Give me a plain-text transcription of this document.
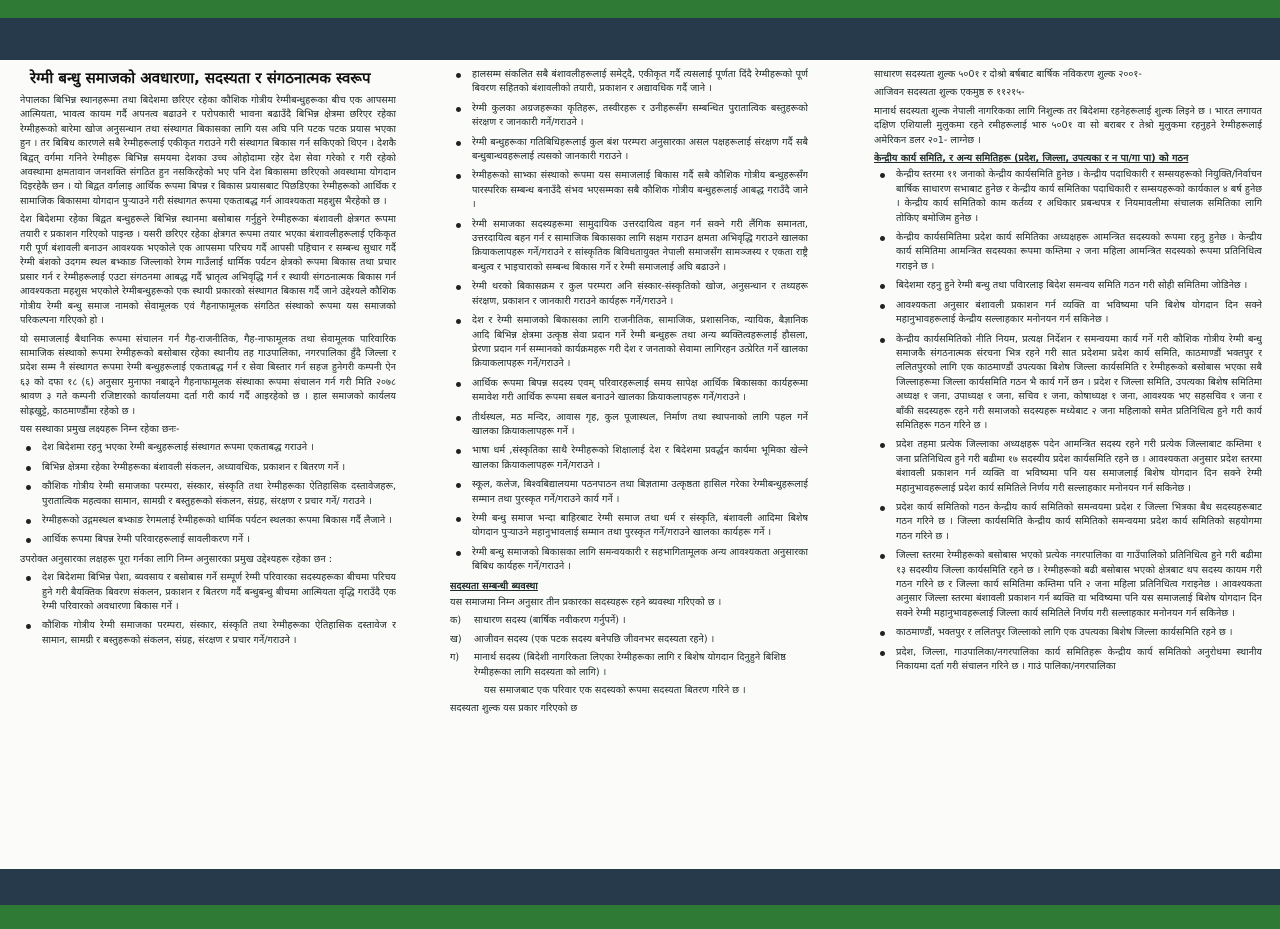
रेग्मी बन्धु समाजको अवधारणा, सदस्यता र संगठनात्मक स्वरूप

नेपालका बिभिन्न स्थानहरूमा तथा बिदेशमा छरिएर रहेका कौशिक गोत्रीय रेग्मीबन्धुहरूका बीच एक आपसमा आत्मियता, भावत्व कायम गर्दै अपनत्व बढाउने र परोपकारी भावना बढाउँदै बिभिन्न क्षेत्रमा छरिएर रहेका रेग्मीहरूको बारेमा खोज अनुसन्धान तथा संस्थागत बिकासका लागि यस अघि पनि पटक पटक प्रयास भएका हुन । तर बिबिध कारणले सबै रेग्मीहरूलाई एकीकृत गराउने गरी संस्थागत बिकास गर्न सकिएको थिएन । देशकै बिद्वत् वर्गमा गनिने रेग्मीहरू बिभिन्न समयमा देशका उच्च ओहोदामा रहेर देश सेवा गरेको र गरी रहेको अवस्थामा क्षमतावान जनशक्ति संगठित हुन नसकिरहेको भए पनि देश बिकासमा छरिएको अवस्थामा योगदान दिइरहेकै छन । यो बिद्वत वर्गलाइ आर्थिक रूपमा बिपन्न र बिकास प्रयासबाट पिछडिएका रेग्मीहरूको आर्थिक र सामाजिक बिकासमा योगदान पुऱ्याउने गरी संस्थागत रूपमा एकताबद्ध गर्न आवश्यकता महशुस भैरहेको छ ।

देश बिदेशमा रहेका बिद्वत बन्धुहरूले बिभिन्न स्थानमा बसोबास गर्नुहुने रेग्मीहरूका बंशावली क्षेत्रगत रूपमा तयारी र प्रकाशन गरिएको पाइन्छ । यसरी छरिएर रहेका क्षेत्रगत रूपमा तयार भएका बंशावलीहरूलाई एकिकृत गरी पूर्ण बंशावली बनाउन आवश्यक भएकोले एक आपसमा परिचय गर्दै आपसी पहिचान र सम्बन्ध सुधार गर्दै रेग्मी बंशको उदगम स्थल बभ्काङ जिल्लाको रेगम गाउँलाई धार्मिक पर्यटन क्षेत्रको रूपमा बिकास तथा प्रचार प्रसार गर्न र रेग्मीहरूलाई एउटा संगठनमा आबद्ध गर्दै भ्रातृत्व अभिवृद्धि गर्न र स्थायी संगठनात्मक बिकास गर्न आवश्यकता महशुस भएकोले रेग्मीबन्धुहरूको एक स्थायी प्रकारको संस्थागत बिकास गर्दै जाने उद्देश्यले कौशिक गोत्रीय रेग्मी बन्धु समाज नामको सेवामूलक एवं गैहनाफामूलक संगठित संस्थाको रूपमा यस समाजको परिकल्पना गरिएको हो ।

यो समाजलाई बैधानिक रूपमा संचालन गर्न गैह-राजनीतिक, गैह-नाफामूलक तथा सेवामूलक पारिवारिक सामाजिक संस्थाको रूपमा रेग्मीहरूको बसोबास रहेका स्थानीय तह गाउपालिका, नगरपालिका हुँदै जिल्ला र प्रदेश सम्म नै संस्थागत रूपमा रेग्मी बन्धुहरूलाई एकताबद्ध गर्न र सेवा बिस्तार गर्न सहज हुनेगरी कम्पनी ऐन ६३ को दफा १८ (६) अनुसार मुनाफा नबाढ्ने गैहनाफामूलक संस्थाका रूपमा संचालन गर्न गरी मिति २०७८ श्रावण ३ गते कम्पनी रजिष्टारको कार्यालयमा दर्ता गरी कार्य गर्दै आइरहेको छ । हाल समाजको कार्यलय सोह्रखुट्टे, काठमाण्डौंमा रहेको छ ।

यस सस्थाका प्रमुख लक्ष्यहरू निम्न रहेका छनः-

देश बिदेशमा रहनु भएका रेग्मी बन्धुहरूलाई संस्थागत रूपमा एकताबद्ध गराउने ।
बिभिन्न क्षेत्रमा रहेका रेग्मीहरूका बंशावली संकलन, अध्यावधिक, प्रकाशन र बितरण गर्ने ।
कौशिक गोत्रीय रेग्मी समाजका परम्परा, संस्कार, संस्कृति तथा रेग्मीहरूका ऐतिहासिक दस्तावेजहरू, पुरातात्विक महत्वका सामान, सामग्री र बस्तुहरूको संकलन, संग्रह, संरक्षण र प्रचार गर्ने/ गराउने ।
रेग्मीहरूको उद्गमस्थल बभ्काङ रेगमलाई रेग्मीहरूको धार्मिक पर्यटन स्थलका रूपमा बिकास गर्दै लैजाने ।
आर्थिक रूपमा बिपन्न रेग्मी परिवारहरूलाई सावलीकरण गर्ने ।

उपरोक्त अनुसारका लक्षहरू पूरा गर्नका लागि निम्न अनुसारका प्रमुख उद्देश्यहरू रहेका छन :

देश बिदेशमा बिभिन्न पेशा, ब्यवसाय र बसोबास गर्ने सम्पूर्ण रेग्मी परिवारका सदस्यहरूका बीचमा परिचय हुने गरी बैयक्तिक बिवरण संकलन, प्रकाशन र बितरण गर्दै बन्धुबन्धु बीचमा आत्मियता वृद्धि गराउँदै एक रेग्मी परिवारको अवधारणा बिकास गर्ने ।
कौशिक गोत्रीय रेग्मी समाजका परम्परा, संस्कार, संस्कृति तथा रेग्मीहरूका ऐतिहासिक दस्तावेज र सामान, सामग्री र बस्तुहरूको संकलन, संग्रह, संरक्षण र प्रचार गर्ने/गराउने ।
हालसम्म संकलित सबै बंशावलीहरूलाई समेट्दै, एकीकृत गर्दै त्यसलाई पूर्णता दिंदै रेग्मीहरूको पूर्ण बिवरण सहितको बंशावलीको तयारी, प्रकाशन र अद्यावधिक गर्दै जाने ।
रेग्मी कुलका अग्रजहरूका कृतिहरू, तस्वीरहरू र उनीहरूसँग सम्बन्धित पुरातात्विक बस्तुहरूको संरक्षण र जानकारी गर्ने/गराउने ।
रेग्मी बन्धुहरूका गतिबिधिहरूलाई कुल बंश परम्परा अनुसारका असल पक्षहरूलाई संरक्षण गर्दै सबै बन्धुबान्धवहरूलाई त्यसको जानकारी गराउने ।
रेग्मीहरूको साभ्का संस्थाको रूपमा यस समाजलाई बिकास गर्दै सबै कौशिक गोत्रीय बन्धुहरूसँग पारस्परिक सम्बन्ध बनाउँदै संभव भएसम्मका सबै कौशिक गोत्रीय बन्धुहरूलाई आबद्ध गराउँदै जाने ।
रेग्मी समाजका सदस्यहरूमा सामुदायिक उत्तरदायित्व वहन गर्न सक्ने गरी लैंगिक समानता, उत्तरदायित्व बहन गर्न र सामाजिक बिकासका लागि सक्षम गराउन क्षमता अभिवृद्धि गराउने खालका क्रियाकलापहरू गर्ने/गराउने र सांस्कृतिक बिविधतायुक्त नेपाली समाजसँग सामञ्जस्य र एकता राष्ट्रै बन्धुत्व र भाइचाराको सम्बन्ध बिकास गर्ने र रेग्मी समाजलाई अघि बढाउने ।
रेग्मी थरको बिकासक्रम र कुल परम्परा अनि संस्कार-संस्कृतिको खोज, अनुसन्धान र तथ्यहरू संरक्षण, प्रकाशन र जानकारी गराउने कार्यहरू गर्ने/गराउने ।
देश र रेग्मी समाजको बिकासका लागि राजनीतिक, सामाजिक, प्रशासनिक, न्यायिक, बैज्ञानिक आदि बिभिन्न क्षेत्रमा उत्कृष्ठ सेवा प्रदान गर्ने रेग्मी बन्धुहरू तथा अन्य ब्यक्तित्वहरूलाई हौसला, प्रेरणा प्रदान गर्न सम्मानको कार्यक्रमहरू गरी देश र जनताको सेवामा लागिरहन उत्प्रेरित गर्ने खालका क्रियाकलापहरू गर्ने/गराउने ।
आर्थिक रूपमा बिपन्न सदस्य एवम् परिवारहरूलाई समय सापेक्ष आर्थिक बिकासका कार्यहरूमा समावेश गरी आर्थिक रूपमा सबल बनाउने खालका क्रियाकलापहरू गर्ने/गराउने ।
तीर्थस्थल, मठ मन्दिर, आवास गृह, कुल पूजास्थल, निर्माण तथा स्थापनाको लागि पहल गर्ने खालका क्रियाकलापहरू गर्ने ।
भाषा धर्म ,संस्कृतिका साथै रेग्मीहरूको शिक्षालाई देश र बिदेशमा प्रवर्द्धन कार्यमा भूमिका खेल्ने खालका क्रियाकलापहरू गर्ने/गराउने ।
स्कूल, कलेज, बिश्वबिद्यालयमा पठनपाठन तथा बिज्ञतामा उत्कृष्ठता हासिल गरेका रेग्मीबन्धुहरूलाई सम्मान तथा पुरस्कृत गर्ने/गराउने कार्य गर्ने ।
रेग्मी बन्धु समाज भन्दा बाहिरबाट रेग्मी समाज तथा धर्म र संस्कृति, बंशावली आदिमा बिशेष योगदान पुऱ्याउने महानुभावलाई सम्मान तथा पुरस्कृत गर्ने/गराउने खालका कार्यहरू गर्ने ।
रेग्मी बन्धु समाजको बिकासका लागि समन्वयकारी र सहभागितामूलक अन्य आवश्यकता अनुसारका बिबिध कार्यहरू गर्ने/गराउने ।
सदस्यता सम्बन्धी ब्यवस्था

यस समाजमा निम्न अनुसार तीन प्रकारका सदस्यहरू रहने ब्यवस्था गरिएको छ ।

क)	साधारण सदस्य (बार्षिक नवीकरण गर्नुपर्ने) ।
ख)	आजीवन सदस्य (एक पटक सदस्य बनेपछि जीवनभर सदस्यता रहने) ।
ग)	मानार्थ सदस्य (बिदेशी नागरिकता लिएका रेग्मीहरूका लागि र बिशेष योगदान दिनुहुने बिशिष्ठ रेग्मीहरूका लागि सदस्यता को लागि) ।

यस समाजबाट एक परिवार एक सदस्यको रूपमा सदस्यता बितरण गरिने छ ।

सदस्यता शुल्क यस प्रकार गरिएको छ

साधारण सदस्यता शुल्क ५०0१ र दोश्रो बर्षबाट बार्षिक नविकरण शुल्क २००१-

आजिवन सदस्यता शुल्क एकमुष्ठ रु ११२१५-

मानार्थ सदस्यता शुल्क नेपाली नागरिकका लागि निशुल्क तर बिदेशमा रहनेहरूलाई शुल्क लिइने छ । भारत लगायत दक्षिण एशियाली मुलुकमा रहने रमीहरूलाई भारु ५०0१ वा सो बराबर र तेश्रो मुलुकमा रहनुहने रेग्मीहरूलाई अमेरिकन डलर २०1- लाग्नेछ ।

केन्द्रीय कार्य समिति, र अन्य समितिहरू (प्रदेश, जिल्ला, उपत्यका र न पा/गा पा) को गठन
केन्द्रीय स्तरमा ११ जनाको केन्द्रीय कार्यसमिति हुनेछ । केन्द्रीय पदाधिकारी र सम्सयहरूको नियुक्ति/निर्वाचन बार्षिक साधारण सभाबाट हुनेछ र केन्द्रीय कार्य समितिका पदाधिकारी र सम्सयहरूको कार्यकाल ४ बर्ष हुनेछ । केन्द्रीय कार्य समितिको काम कर्तव्य र अधिकार प्रबन्धपत्र र नियमावलीमा संचालक समितिका लागि तोकिए बमोजिम हुनेछ ।
केन्द्रीय कार्यसमितिमा प्रदेश कार्य समितिका अध्यक्षहरू आमन्त्रित सदस्यको रूपमा रहनु हुनेछ । केन्द्रीय कार्य समितिमा आमन्त्रित सदस्यका रूपमा कम्तिमा २ जना महिला आमन्त्रित सदस्यको रूपमा प्रतिनिधित्व गराइने छ ।
बिदेशमा रहनु हुने रेग्मी बन्धु तथा पविारलाइ बिदेश समन्वय समिति गठन गरी सोही समितिमा जोडिनेछ ।
आवश्यकता अनुसार बंशावली प्रकाशन गर्न व्यक्ति वा भविष्यमा पनि बिशेष योगदान दिन सक्ने महानुभावहरूलाई केन्द्रीय सल्लाहकार मनोनयन गर्न सकिनेछ ।
केन्द्रीय कार्यसमितिको नीति नियम, प्रत्यक्ष निर्देशन र समन्वयमा कार्य गर्ने गरी कौशिक गोत्रीय रेग्मी बन्धु समाजकै संगठनात्मक संरचना भित्र रहने गरी सात प्रदेशमा प्रदेश कार्य समिति, काठमाण्डौं भक्तपुर र ललितपुरको लागि एक काठमाण्डौं उपत्यका बिशेष जिल्ला कार्यसमिति र रेग्मीहरूको बसोबास भएका सबै जिल्लाहरूमा जिल्ला कार्यसमिति गठन भै कार्य गर्ने छन । प्रदेश र जिल्ला समिति, उपत्यका बिशेष समितिमा अध्यक्ष १ जना, उपाध्यक्ष १ जना, सचिव १ जना, कोषाध्यक्ष १ जना, आवश्यक भए सहसचिव १ जना र बाँकी सदस्यहरू रहने गरी समाजको सदस्यहरू मध्येबाट २ जना महिलाको समेत प्रतिनिधित्व हुने गरी कार्य समितिहरू गठन गरिने छ ।
प्रदेश तहमा प्रत्येक जिल्लाका अध्यक्षहरू पदेन आमन्त्रित सदस्य रहने गरी प्रत्येक जिल्लाबाट कम्तिमा १ जना प्रतिनिधित्व हुने गरी बढीमा १७ सदस्यीय प्रदेश कार्यसमिति रहने छ । आवश्यकता अनुसार प्रदेश स्तरमा बंशावली प्रकाशन गर्न व्यक्ति वा भविष्यमा पनि यस समाजलाई बिशेष योगदान दिन सक्ने रेग्मी महानुभावहरूलाई प्रदेश कार्य समितिले निर्णय गरी सल्लाहकार मनोनयन गर्न सकिनेछ ।
प्रदेश कार्य समितिको गठन केन्द्रीय कार्य समितिको समन्वयमा प्रदेश र जिल्ला भित्रका बैध सदस्यहरूबाट गठन गरिने छ । जिल्ला कार्यसमिति केन्द्रीय कार्य समितिको समन्वयमा प्रदेश कार्य समितिको सहयोगमा गठन गरिने छ ।
जिल्ला स्तरमा रेग्मीहरूको बसोबास भएको प्रत्येक नगरपालिका वा गाउँपालिको प्रतिनिधित्व हुने गरी बढीमा १३ सदस्यीय जिल्ला कार्यसमिति रहने छ । रेग्मीहरूको बढी बसोबास भएको क्षेत्रबाट थप सदस्य कायम गरी गठन गरिने छ र जिल्ला कार्य समितिमा कम्तिमा पनि २ जना महिला प्रतिनिधित्व गराइनेछ । आवश्यकता अनुसार जिल्ला स्तरमा बंशावली प्रकाशन गर्न ब्यक्ति वा भविष्यमा पनि यस समाजलाई बिशेष योगदान दिन सक्ने रेग्मी महानुभावहरूलाई जिल्ला कार्य समितिले निर्णय गरी सल्लाहकार मनोनयन गर्न सकिनेछ ।
काठमाण्डौं, भक्तपुर र ललितपुर जिल्लाको लागि एक उपत्यका बिशेष जिल्ला कार्यसमिति रहने छ ।
प्रदेश, जिल्ला, गाउपालिका/नगरपालिका कार्य समितिहरू केन्द्रीय कार्य समितिको अनुरोधमा स्थानीय निकायमा दर्ता गरी संचालन गरिने छ । गाउं पालिका/नगरपालिका
